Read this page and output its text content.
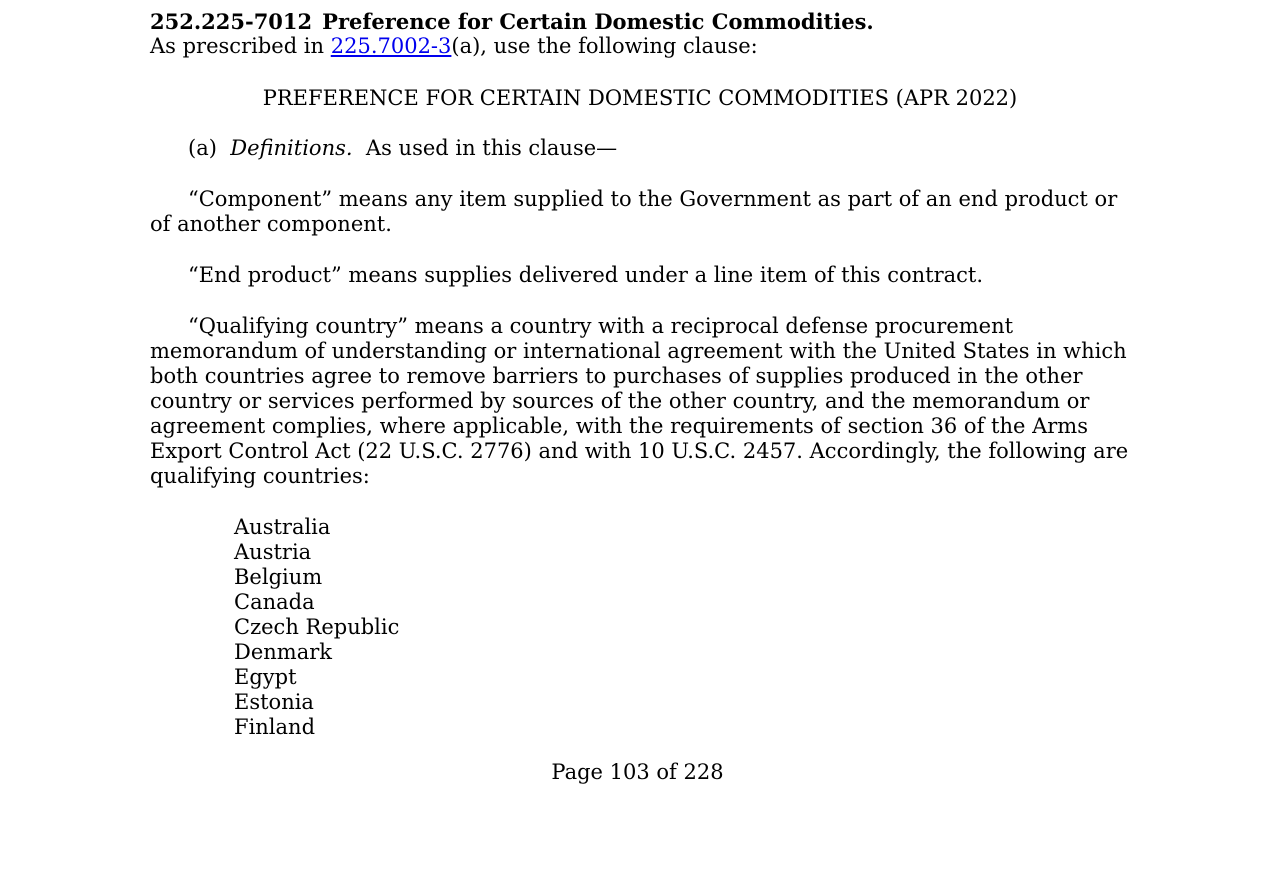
252.225-7012 Preference for Certain Domestic Commodities.

As prescribed in 225.7002-3(a), use the following clause:

PREFERENCE FOR CERTAIN DOMESTIC COMMODITIES (APR 2022)

(a) Definitions. As used in this clause—

“Component” means any item supplied to the Government as part of an end product or of another component.

“End product” means supplies delivered under a line item of this contract.

“Qualifying country” means a country with a reciprocal defense procurement memorandum of understanding or international agreement with the United States in which both countries agree to remove barriers to purchases of supplies produced in the other country or services performed by sources of the other country, and the memorandum or agreement complies, where applicable, with the requirements of section 36 of the Arms Export Control Act (22 U.S.C. 2776) and with 10 U.S.C. 2457. Accordingly, the following are qualifying countries:

Australia
Austria
Belgium
Canada
Czech Republic
Denmark
Egypt
Estonia
Finland
Page 103 of 228
